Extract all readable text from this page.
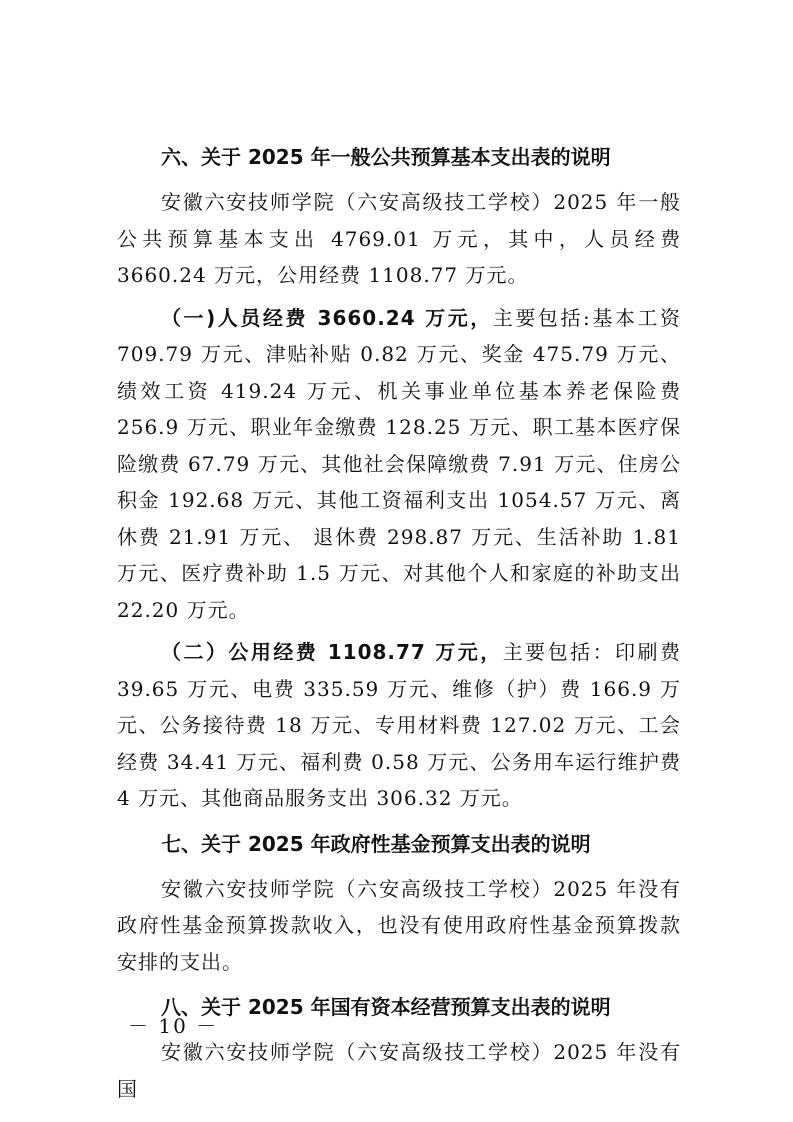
六、关于 2025 年一般公共预算基本支出表的说明

安徽六安技师学院（六安高级技工学校）2025 年一般公共预算基本支出 4769.01 万元，其中，人员经费 3660.24 万元，公用经费 1108.77 万元。

（一)人员经费 3660.24 万元，主要包括:基本工资 709.79 万元、津贴补贴 0.82 万元、奖金 475.79 万元、绩效工资 419.24 万元、机关事业单位基本养老保险费 256.9 万元、职业年金缴费 128.25 万元、职工基本医疗保险缴费 67.79 万元、其他社会保障缴费 7.91 万元、住房公积金 192.68 万元、其他工资福利支出 1054.57 万元、离休费 21.91 万元、 退休费 298.87 万元、生活补助 1.81 万元、医疗费补助 1.5 万元、对其他个人和家庭的补助支出 22.20 万元。

（二）公用经费 1108.77 万元，主要包括：印刷费 39.65 万元、电费 335.59 万元、维修（护）费 166.9 万元、公务接待费 18 万元、专用材料费 127.02 万元、工会经费 34.41 万元、福利费 0.58 万元、公务用车运行维护费 4 万元、其他商品服务支出 306.32 万元。

七、关于 2025 年政府性基金预算支出表的说明

安徽六安技师学院（六安高级技工学校）2025 年没有政府性基金预算拨款收入，也没有使用政府性基金预算拨款安排的支出。

八、关于 2025 年国有资本经营预算支出表的说明

安徽六安技师学院（六安高级技工学校）2025 年没有国

－ 10 －
